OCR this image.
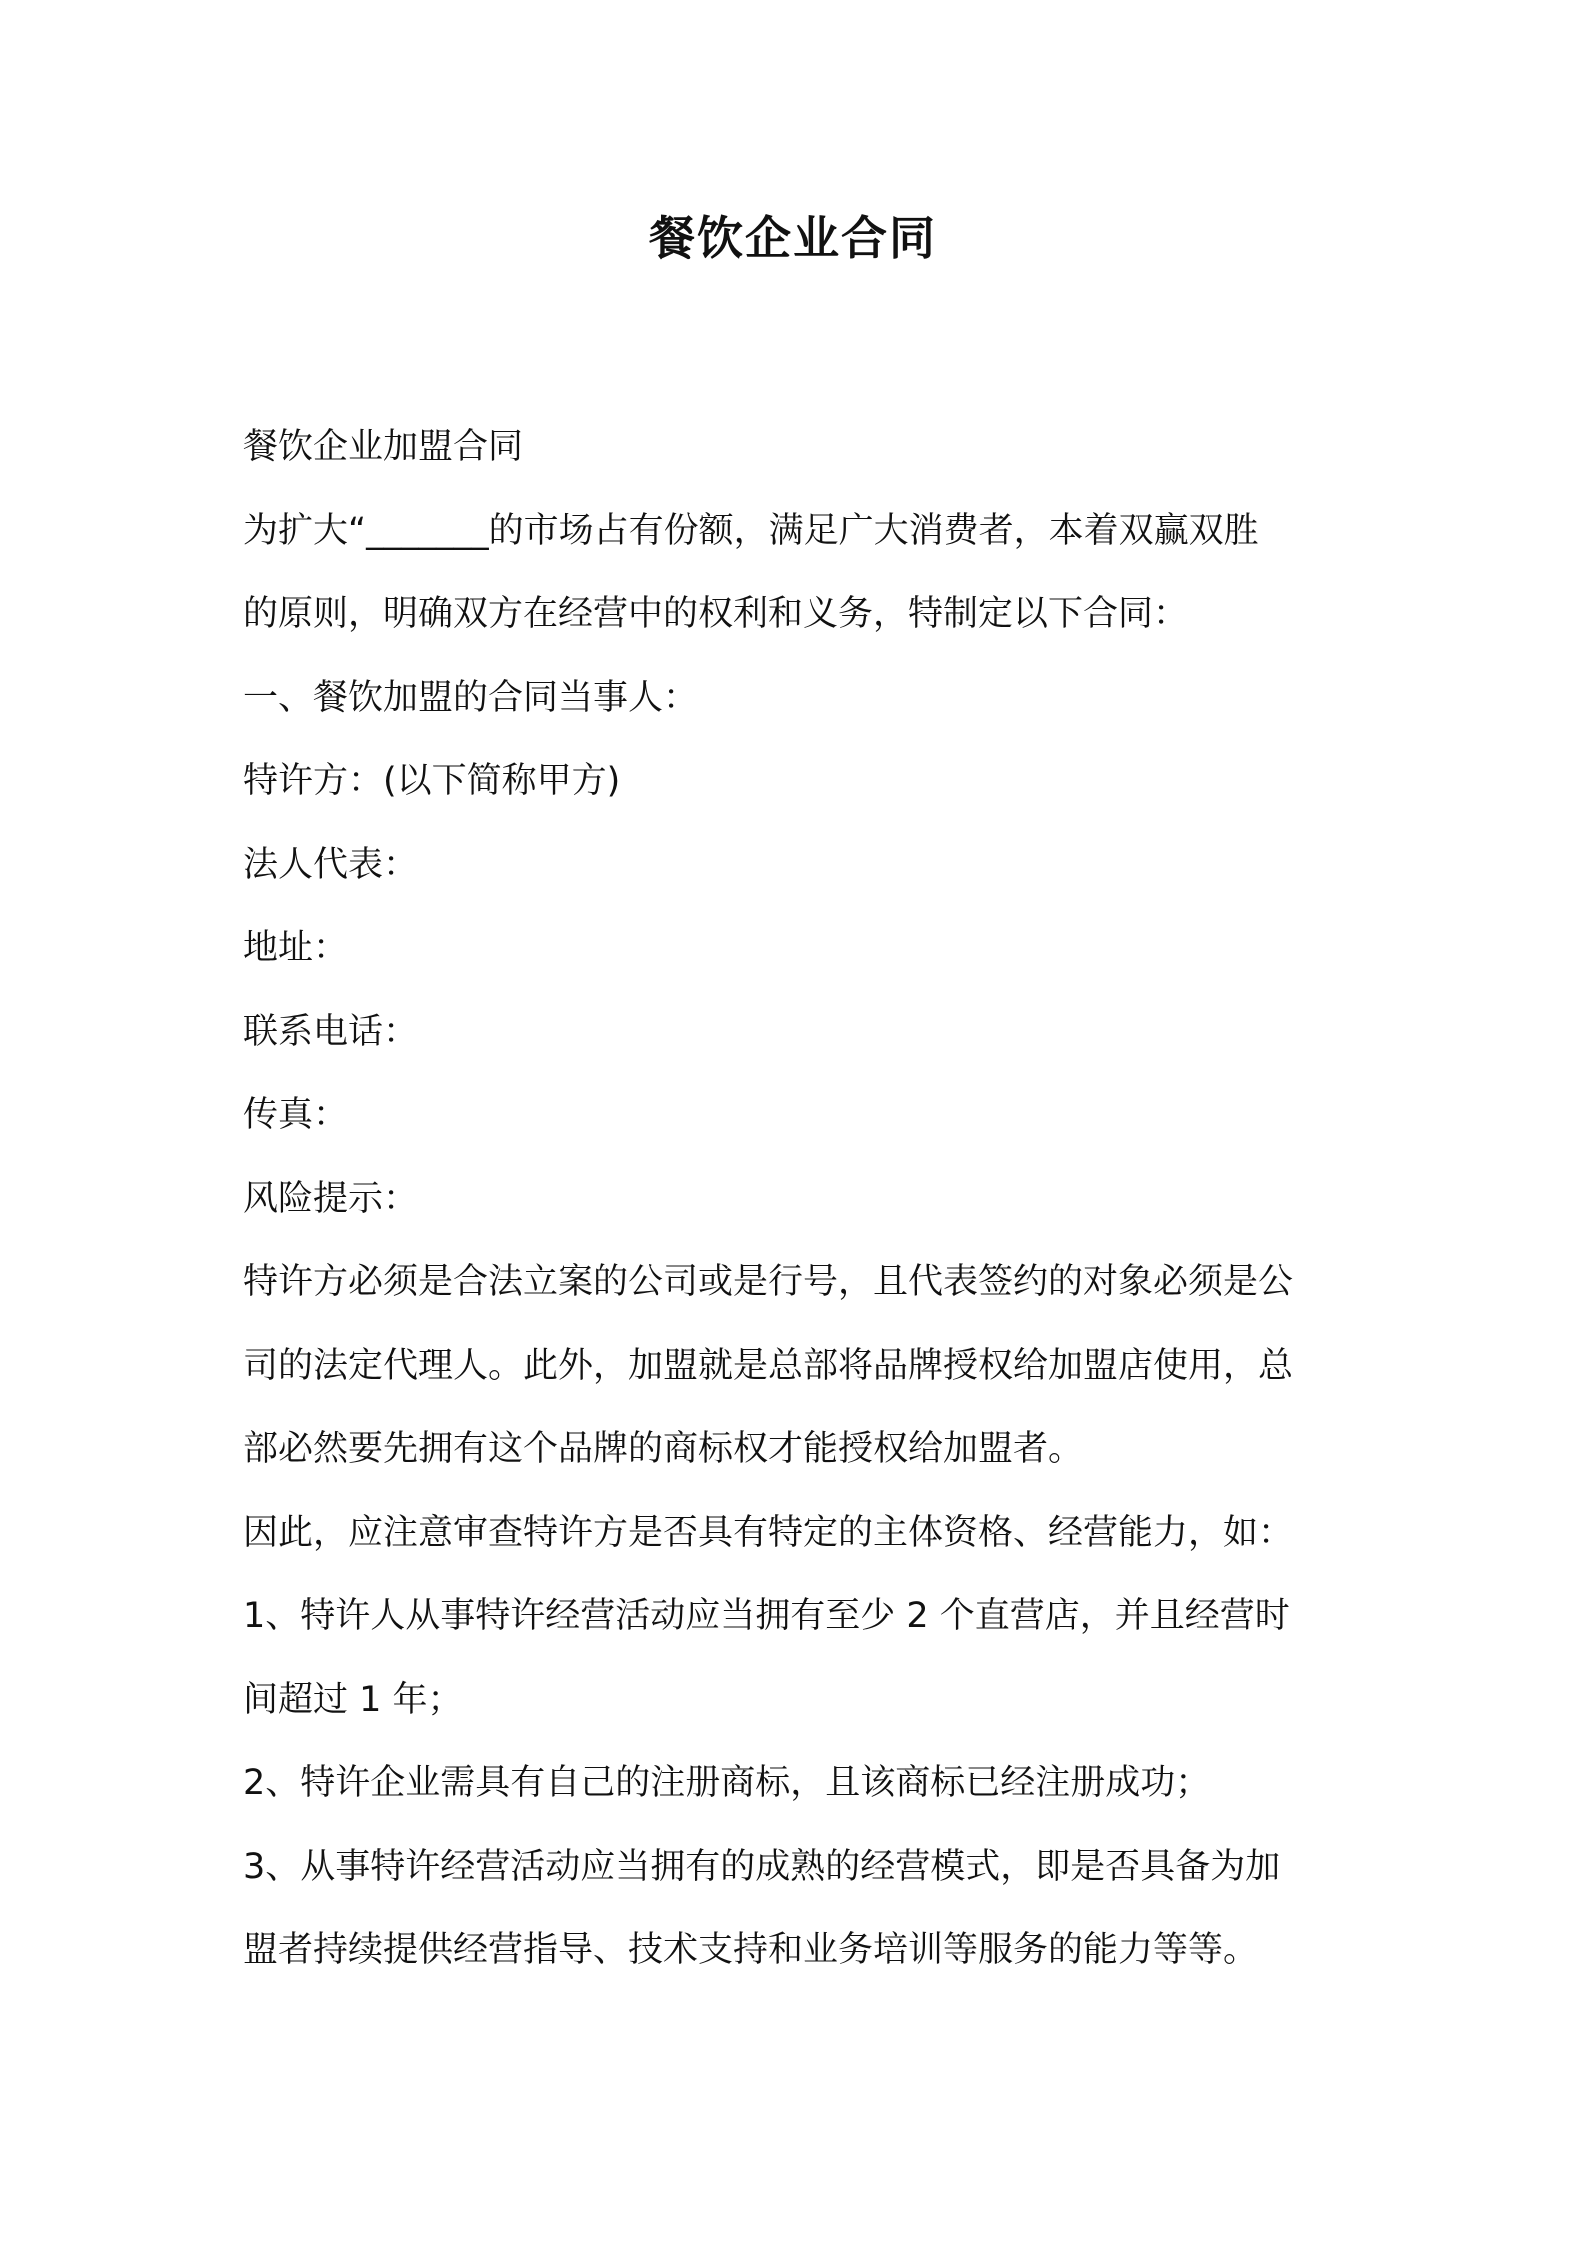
餐饮企业合同
餐饮企业加盟合同
为扩大“_______的市场占有份额，满足广大消费者，本着双赢双胜
的原则，明确双方在经营中的权利和义务，特制定以下合同：
一、餐饮加盟的合同当事人：
特许方：(以下简称甲方)
法人代表：
地址：
联系电话：
传真：
风险提示：
特许方必须是合法立案的公司或是行号，且代表签约的对象必须是公
司的法定代理人。此外，加盟就是总部将品牌授权给加盟店使用，总
部必然要先拥有这个品牌的商标权才能授权给加盟者。
因此，应注意审查特许方是否具有特定的主体资格、经营能力，如：
1、特许人从事特许经营活动应当拥有至少 2 个直营店，并且经营时
间超过 1 年；
2、特许企业需具有自己的注册商标，且该商标已经注册成功；
3、从事特许经营活动应当拥有的成熟的经营模式，即是否具备为加
盟者持续提供经营指导、技术支持和业务培训等服务的能力等等。
